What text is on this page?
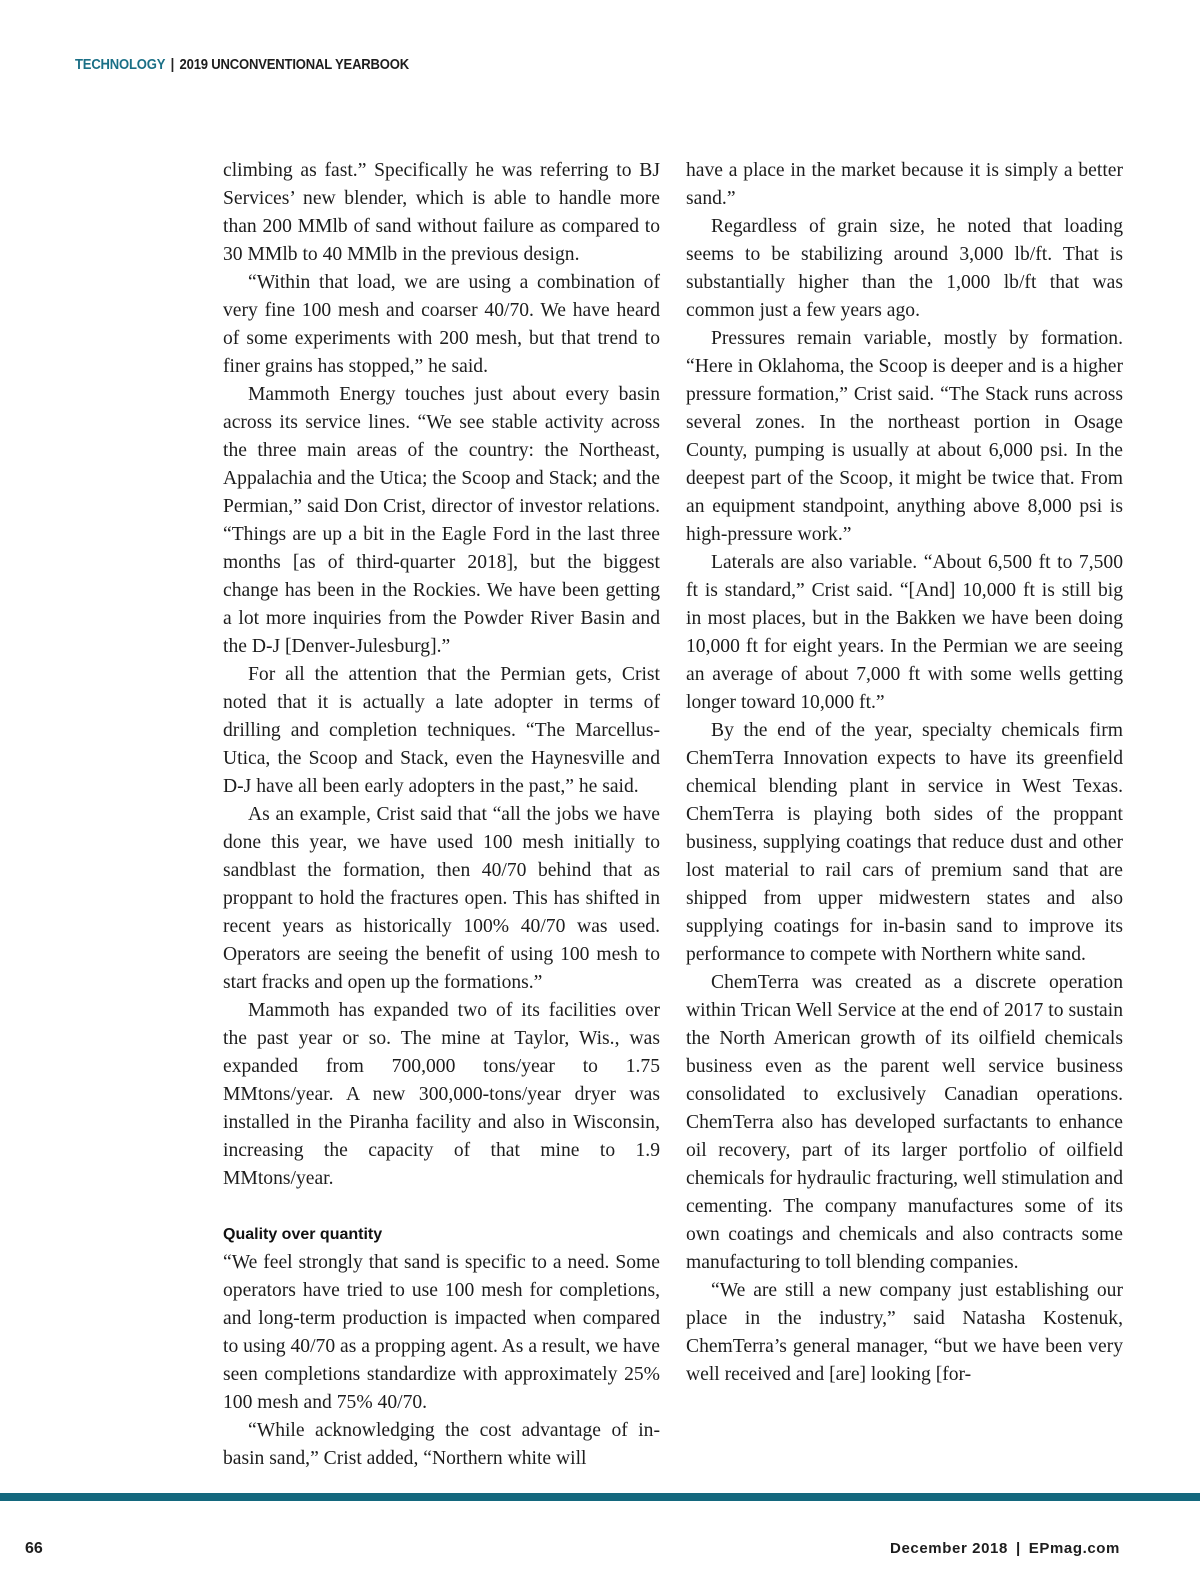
TECHNOLOGY | 2019 UNCONVENTIONAL YEARBOOK

climbing as fast.” Specifically he was referring to BJ Services’ new blender, which is able to handle more than 200 MMlb of sand without failure as compared to 30 MMlb to 40 MMlb in the previous design.

“Within that load, we are using a combination of very fine 100 mesh and coarser 40/70. We have heard of some experiments with 200 mesh, but that trend to finer grains has stopped,” he said.

Mammoth Energy touches just about every basin across its service lines. “We see stable activity across the three main areas of the country: the Northeast, Appalachia and the Utica; the Scoop and Stack; and the Permian,” said Don Crist, director of investor relations. “Things are up a bit in the Eagle Ford in the last three months [as of third-quarter 2018], but the biggest change has been in the Rockies. We have been getting a lot more inquiries from the Powder River Basin and the D-J [Denver-Julesburg].”

For all the attention that the Permian gets, Crist noted that it is actually a late adopter in terms of drilling and completion techniques. “The Marcellus-Utica, the Scoop and Stack, even the Haynesville and D-J have all been early adopters in the past,” he said.

As an example, Crist said that “all the jobs we have done this year, we have used 100 mesh initially to sandblast the formation, then 40/70 behind that as proppant to hold the fractures open. This has shifted in recent years as historically 100% 40/70 was used. Operators are seeing the benefit of using 100 mesh to start fracks and open up the formations.”

Mammoth has expanded two of its facilities over the past year or so. The mine at Taylor, Wis., was expanded from 700,000 tons/year to 1.75 MMtons/year. A new 300,000-tons/year dryer was installed in the Piranha facility and also in Wisconsin, increasing the capacity of that mine to 1.9 MMtons/year.

Quality over quantity

“We feel strongly that sand is specific to a need. Some operators have tried to use 100 mesh for completions, and long-term production is impacted when compared to using 40/70 as a propping agent. As a result, we have seen completions standardize with approximately 25% 100 mesh and 75% 40/70.

“While acknowledging the cost advantage of in-basin sand,” Crist added, “Northern white will

have a place in the market because it is simply a better sand.”

Regardless of grain size, he noted that loading seems to be stabilizing around 3,000 lb/ft. That is substantially higher than the 1,000 lb/ft that was common just a few years ago.

Pressures remain variable, mostly by formation. “Here in Oklahoma, the Scoop is deeper and is a higher pressure formation,” Crist said. “The Stack runs across several zones. In the northeast portion in Osage County, pumping is usually at about 6,000 psi. In the deepest part of the Scoop, it might be twice that. From an equipment standpoint, anything above 8,000 psi is high-pressure work.”

Laterals are also variable. “About 6,500 ft to 7,500 ft is standard,” Crist said. “[And] 10,000 ft is still big in most places, but in the Bakken we have been doing 10,000 ft for eight years. In the Permian we are seeing an average of about 7,000 ft with some wells getting longer toward 10,000 ft.”

By the end of the year, specialty chemicals firm ChemTerra Innovation expects to have its greenfield chemical blending plant in service in West Texas. ChemTerra is playing both sides of the proppant business, supplying coatings that reduce dust and other lost material to rail cars of premium sand that are shipped from upper midwestern states and also supplying coatings for in-basin sand to improve its performance to compete with Northern white sand.

ChemTerra was created as a discrete operation within Trican Well Service at the end of 2017 to sustain the North American growth of its oilfield chemicals business even as the parent well service business consolidated to exclusively Canadian operations. ChemTerra also has developed surfactants to enhance oil recovery, part of its larger portfolio of oilfield chemicals for hydraulic fracturing, well stimulation and cementing. The company manufactures some of its own coatings and chemicals and also contracts some manufacturing to toll blending companies.

“We are still a new company just establishing our place in the industry,” said Natasha Kostenuk, ChemTerra’s general manager, “but we have been very well received and [are] looking [for-

66	December 2018 | EPmag.com
